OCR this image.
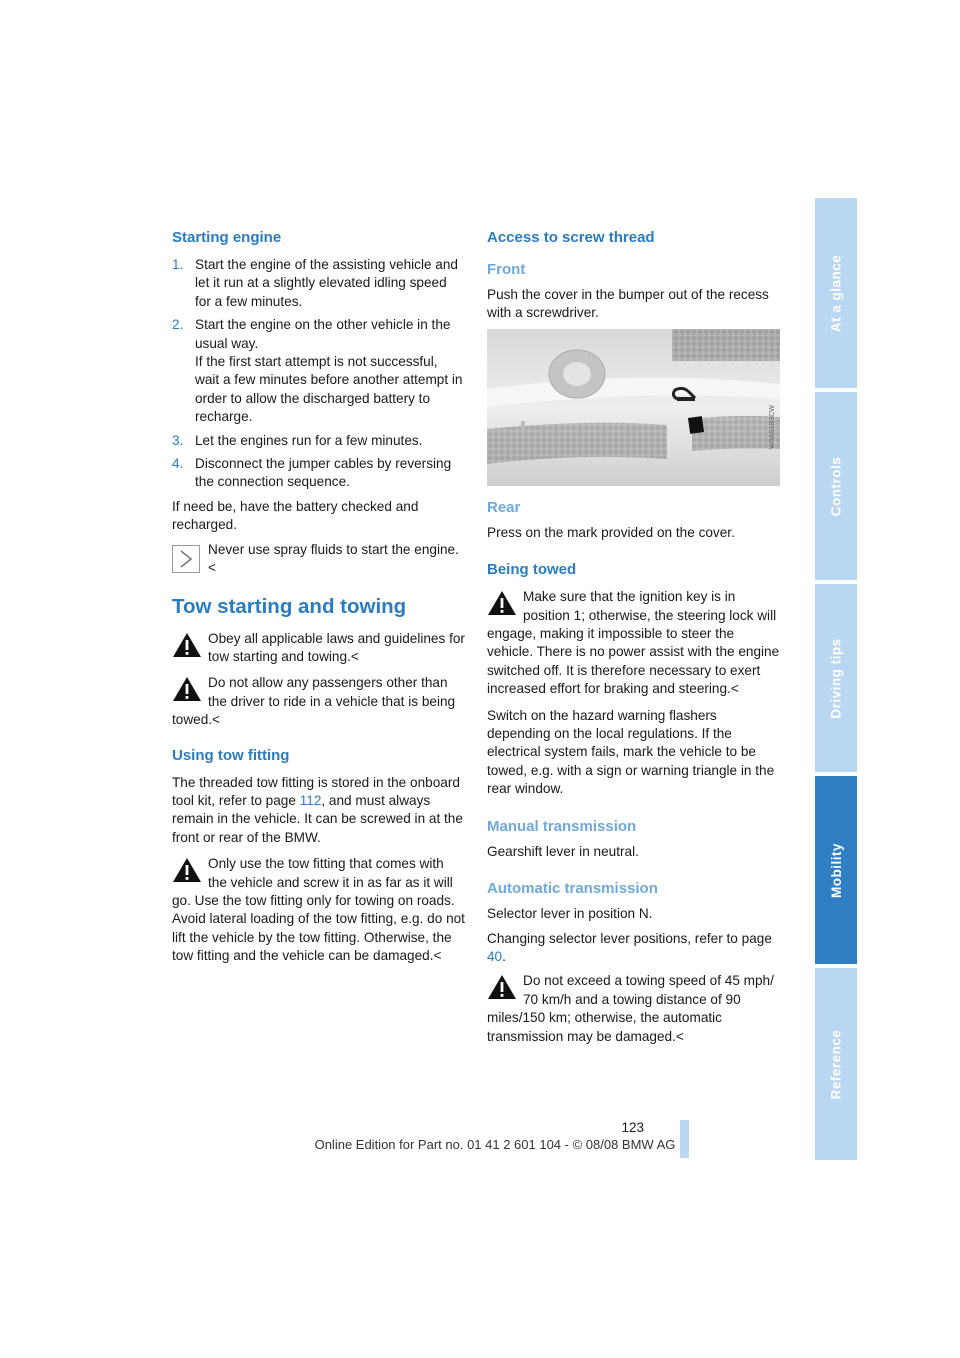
Starting engine
1. Start the engine of the assisting vehicle and let it run at a slightly elevated idling speed for a few minutes.
2. Start the engine on the other vehicle in the usual way.
If the first start attempt is not successful, wait a few minutes before another attempt in order to allow the discharged battery to recharge.
3. Let the engines run for a few minutes.
4. Disconnect the jumper cables by reversing the connection sequence.

If need be, have the battery checked and recharged.

Never use spray fluids to start the engine.<

Tow starting and towing

Obey all applicable laws and guidelines for tow starting and towing.<

Do not allow any passengers other than the driver to ride in a vehicle that is being towed.<

Using tow fitting

The threaded tow fitting is stored in the onboard tool kit, refer to page 112, and must always remain in the vehicle. It can be screwed in at the front or rear of the BMW.

Only use the tow fitting that comes with the vehicle and screw it in as far as it will go. Use the tow fitting only for towing on roads. Avoid lateral loading of the tow fitting, e.g. do not lift the vehicle by the tow fitting. Otherwise, the tow fitting and the vehicle can be damaged.<

Access to screw thread
Front

Push the cover in the bumper out of the recess with a screwdriver.

W0AS1B3CW
Rear

Press on the mark provided on the cover.

Being towed

Make sure that the ignition key is in position 1; otherwise, the steering lock will engage, making it impossible to steer the vehicle. There is no power assist with the engine switched off. It is therefore necessary to exert increased effort for braking and steering.<

Switch on the hazard warning flashers depending on the local regulations. If the electrical system fails, mark the vehicle to be towed, e.g. with a sign or warning triangle in the rear window.

Manual transmission

Gearshift lever in neutral.

Automatic transmission

Selector lever in position N.

Changing selector lever positions, refer to page 40.

Do not exceed a towing speed of 45 mph/ 70 km/h and a towing distance of 90 miles/150 km; otherwise, the automatic transmission may be damaged.<

At a glance
Controls
Driving tips
Mobility
Reference
123
Online Edition for Part no. 01 41 2 601 104 - © 08/08 BMW AG
